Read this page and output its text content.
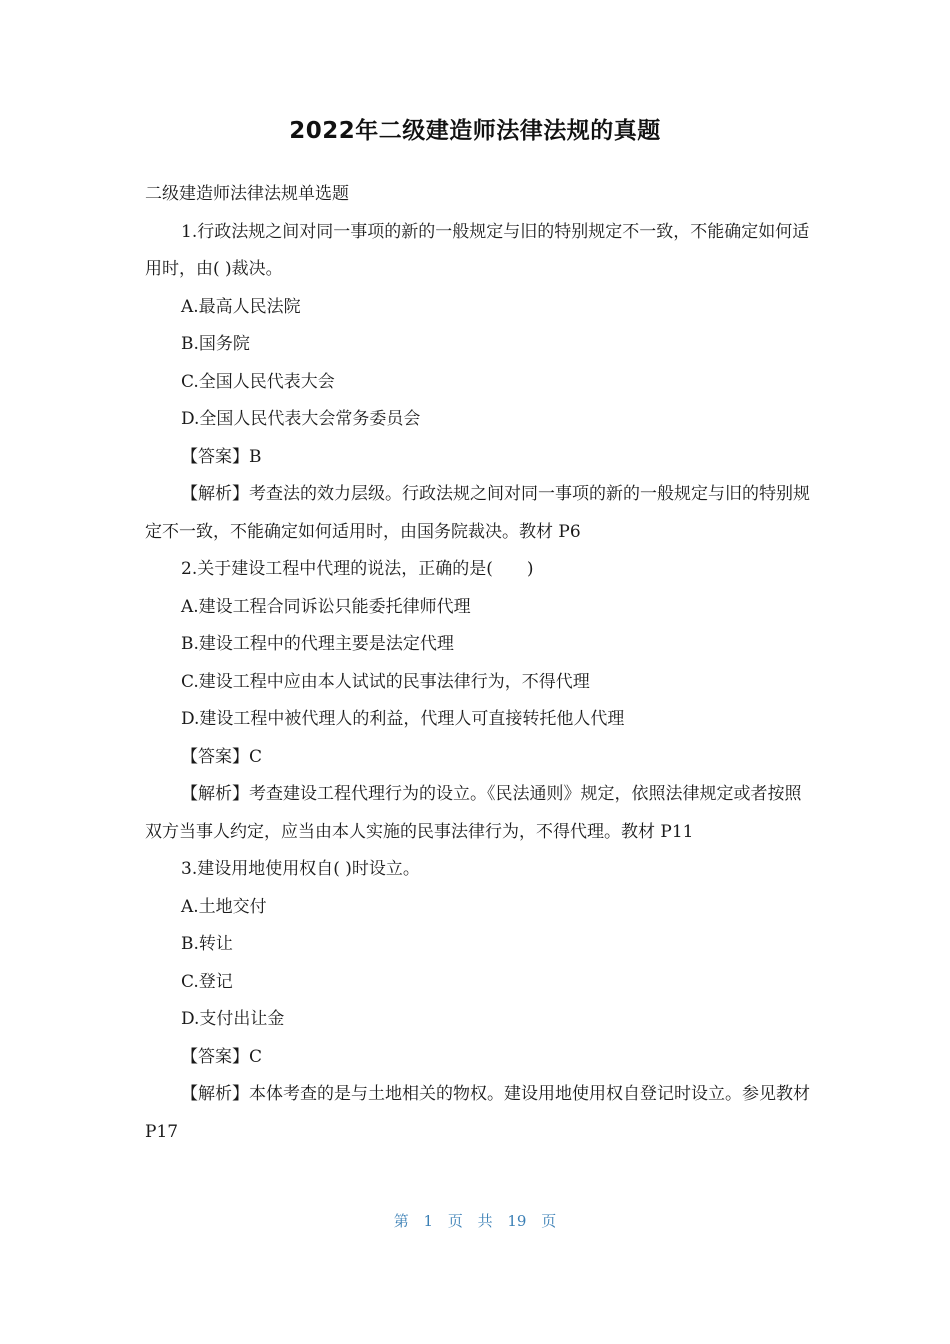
2022年二级建造师法律法规的真题

二级建造师法律法规单选题

1.行政法规之间对同一事项的新的一般规定与旧的特别规定不一致，不能确定如何适用时，由( )裁决。

A.最高人民法院

B.国务院

C.全国人民代表大会

D.全国人民代表大会常务委员会

【答案】B

【解析】考查法的效力层级。行政法规之间对同一事项的新的一般规定与旧的特别规定不一致，不能确定如何适用时，由国务院裁决。教材 P6

2.关于建设工程中代理的说法，正确的是(　　)

A.建设工程合同诉讼只能委托律师代理

B.建设工程中的代理主要是法定代理

C.建设工程中应由本人试试的民事法律行为，不得代理

D.建设工程中被代理人的利益，代理人可直接转托他人代理

【答案】C

【解析】考查建设工程代理行为的设立。《民法通则》规定，依照法律规定或者按照双方当事人约定，应当由本人实施的民事法律行为，不得代理。教材 P11

3.建设用地使用权自( )时设立。

A.土地交付

B.转让

C.登记

D.支付出让金

【答案】C

【解析】本体考查的是与土地相关的物权。建设用地使用权自登记时设立。参见教材 P17

第 1 页 共 19 页
